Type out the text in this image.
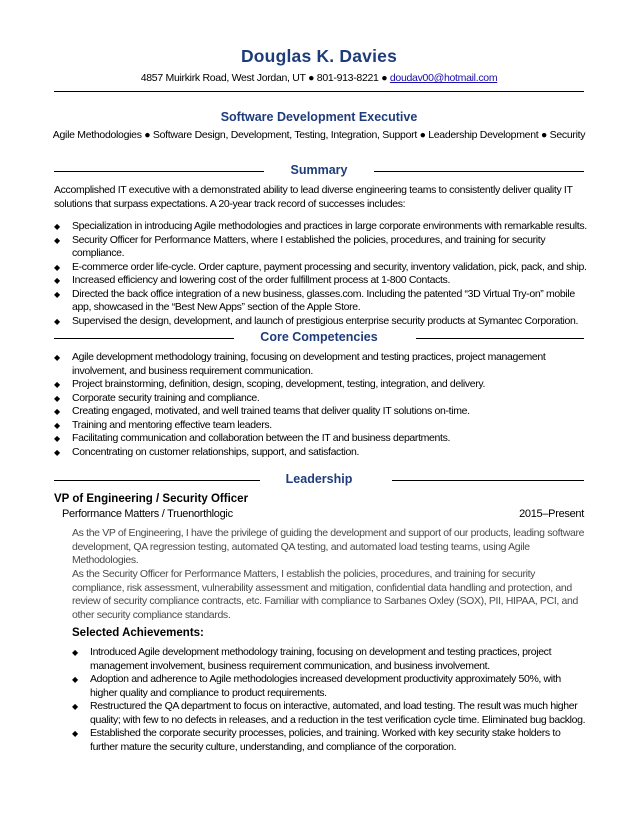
Douglas K. Davies
4857 Muirkirk Road, West Jordan, UT ● 801-913-8221 ● doudav00@hotmail.com
Software Development Executive
Agile Methodologies ● Software Design, Development, Testing, Integration, Support ● Leadership Development ● Security
Summary
Accomplished IT executive with a demonstrated ability to lead diverse engineering teams to consistently deliver quality IT solutions that surpass expectations. A 20-year track record of successes includes:
◆ Specialization in introducing Agile methodologies and practices in large corporate environments with remarkable results.
◆ Security Officer for Performance Matters, where I established the policies, procedures, and training for security compliance.
◆ E-commerce order life-cycle. Order capture, payment processing and security, inventory validation, pick, pack, and ship.
◆ Increased efficiency and lowering cost of the order fulfillment process at 1-800 Contacts.
◆ Directed the back office integration of a new business, glasses.com. Including the patented “3D Virtual Try-on” mobile app, showcased in the “Best New Apps” section of the Apple Store.
◆ Supervised the design, development, and launch of prestigious enterprise security products at Symantec Corporation.
Core Competencies
◆ Agile development methodology training, focusing on development and testing practices, project management involvement, and business requirement communication.
◆ Project brainstorming, definition, design, scoping, development, testing, integration, and delivery.
◆ Corporate security training and compliance.
◆ Creating engaged, motivated, and well trained teams that deliver quality IT solutions on-time.
◆ Training and mentoring effective team leaders.
◆ Facilitating communication and collaboration between the IT and business departments.
◆ Concentrating on customer relationships, support, and satisfaction.
Leadership
VP of Engineering / Security Officer
Performance Matters / Truenorthlogic	2015–Present
As the VP of Engineering, I have the privilege of guiding the development and support of our products, leading software development, QA regression testing, automated QA testing, and automated load testing teams, using Agile Methodologies.
As the Security Officer for Performance Matters, I establish the policies, procedures, and training for security compliance, risk assessment, vulnerability assessment and mitigation, confidential data handling and protection, and review of security compliance contracts, etc. Familiar with compliance to Sarbanes Oxley (SOX), PII, HIPAA, PCI, and other security compliance standards.
Selected Achievements:
◆ Introduced Agile development methodology training, focusing on development and testing practices, project management involvement, business requirement communication, and business involvement.
◆ Adoption and adherence to Agile methodologies increased development productivity approximately 50%, with higher quality and compliance to product requirements.
◆ Restructured the QA department to focus on interactive, automated, and load testing. The result was much higher quality; with few to no defects in releases, and a reduction in the test verification cycle time. Eliminated bug backlog.
◆ Established the corporate security processes, policies, and training. Worked with key security stake holders to further mature the security culture, understanding, and compliance of the corporation.
